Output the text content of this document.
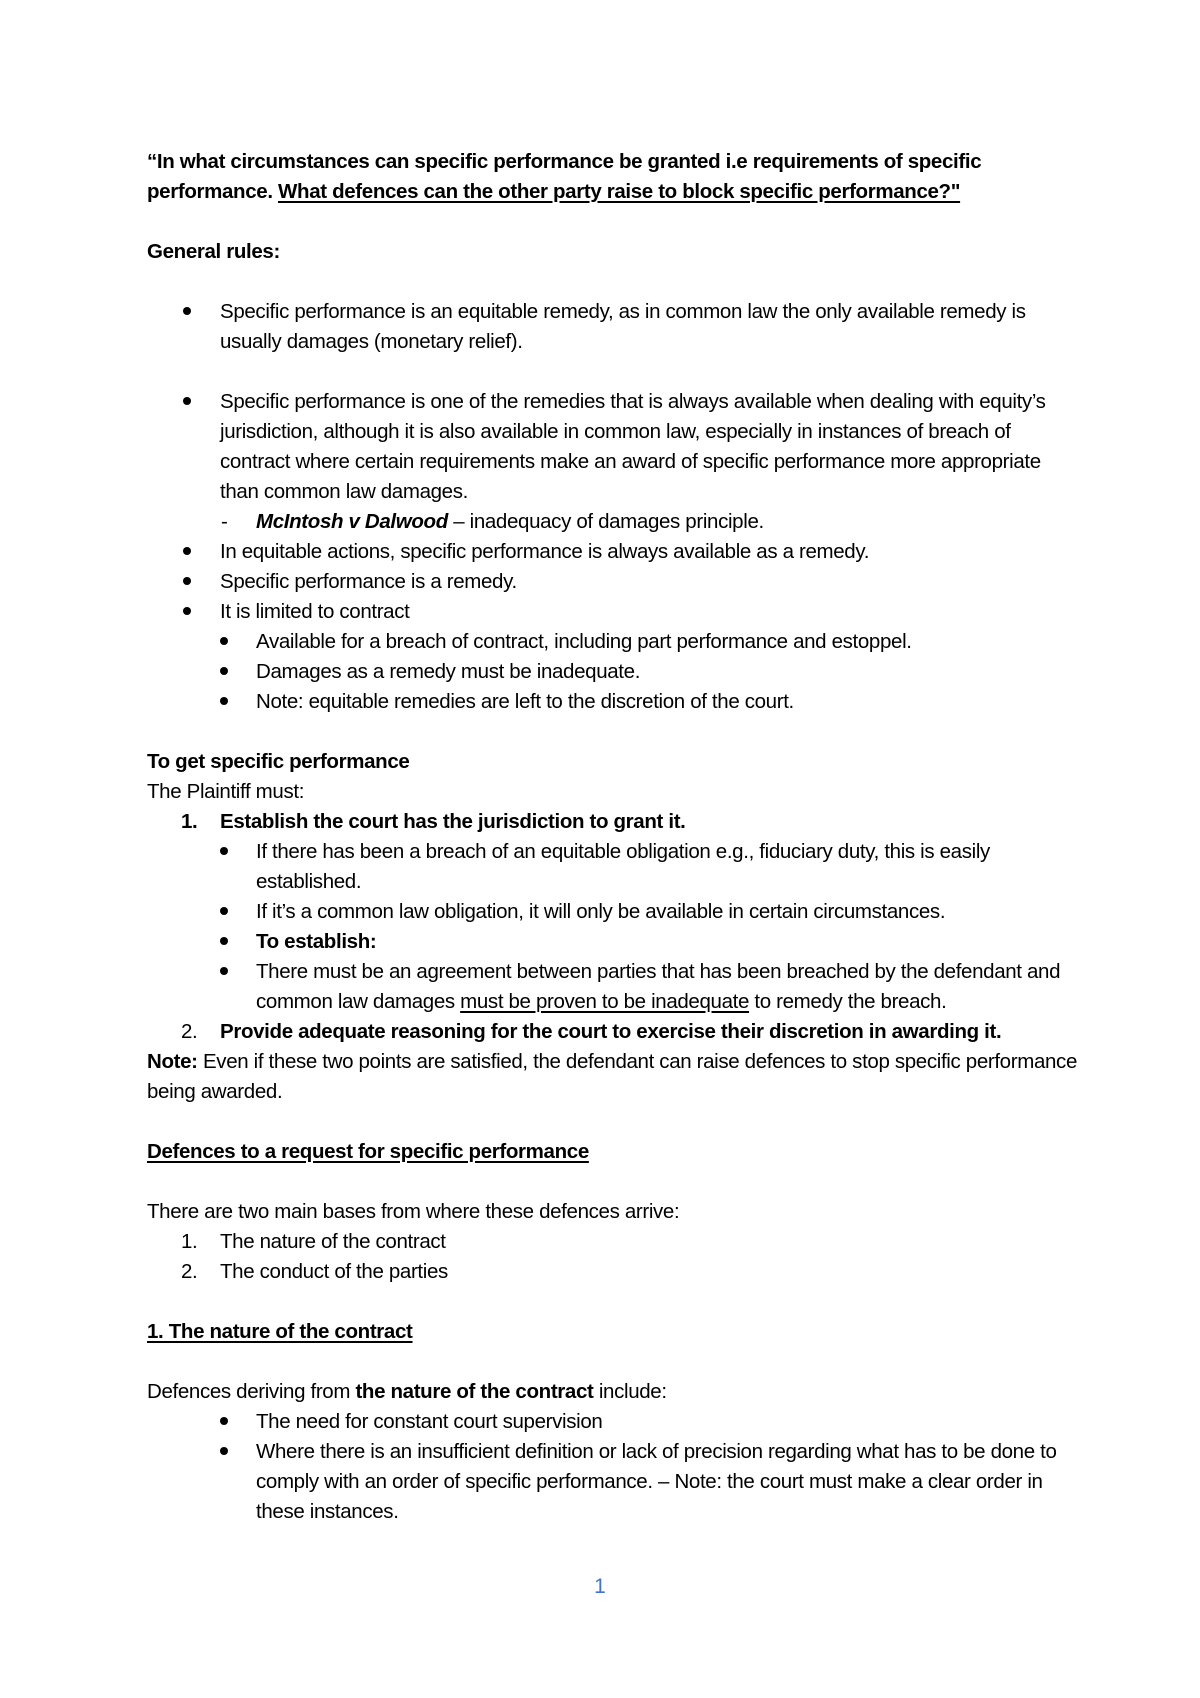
“In what circumstances can specific performance be granted i.e requirements of specific performance. What defences can the other party raise to block specific performance?"

General rules:

Specific performance is an equitable remedy, as in common law the only available remedy is usually damages (monetary relief).
Specific performance is one of the remedies that is always available when dealing with equity’s jurisdiction, although it is also available in common law, especially in instances of breach of contract where certain requirements make an award of specific performance more appropriate than common law damages.
- McIntosh v Dalwood – inadequacy of damages principle.
In equitable actions, specific performance is always available as a remedy.
Specific performance is a remedy.
It is limited to contract
Available for a breach of contract, including part performance and estoppel.
Damages as a remedy must be inadequate.
Note: equitable remedies are left to the discretion of the court.

To get specific performance

The Plaintiff must:

1. Establish the court has the jurisdiction to grant it.
If there has been a breach of an equitable obligation e.g., fiduciary duty, this is easily established.
If it’s a common law obligation, it will only be available in certain circumstances.
To establish:
There must be an agreement between parties that has been breached by the defendant and common law damages must be proven to be inadequate to remedy the breach.
2. Provide adequate reasoning for the court to exercise their discretion in awarding it.

Note: Even if these two points are satisfied, the defendant can raise defences to stop specific performance being awarded.

Defences to a request for specific performance

There are two main bases from where these defences arrive:

1. The nature of the contract
2. The conduct of the parties

1. The nature of the contract

Defences deriving from the nature of the contract include:

The need for constant court supervision
Where there is an insufficient definition or lack of precision regarding what has to be done to comply with an order of specific performance. – Note: the court must make a clear order in these instances.
1
